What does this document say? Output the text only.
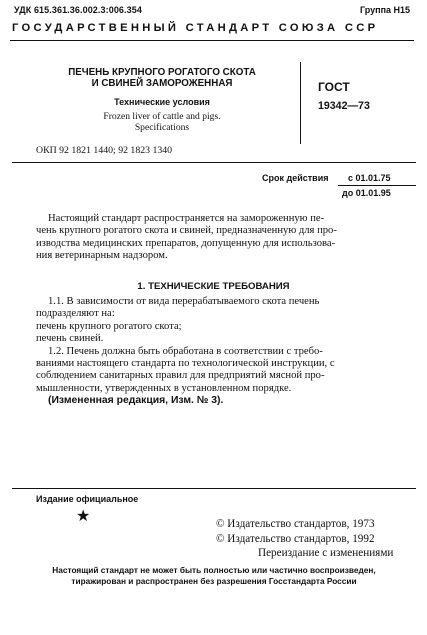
УДК 615.361.36.002.3:006.354	Группа Н15
ГОСУДАРСТВЕННЫЙ СТАНДАРТ СОЮЗА ССР
ПЕЧЕНЬ КРУПНОГО РОГАТОГО СКОТА
И СВИНЕЙ ЗАМОРОЖЕННАЯ
Технические условия
Frozen liver of cattle and pigs.
Specifications
ГОСТ
19342—73
ОКП 92 1821 1440; 92 1823 1340
Срок действия с 01.01.75
до 01.01.95
Настоящий стандарт распространяется на замороженную пе-
чень крупного рогатого скота и свиней, предназначенную для про-
изводства медицинских препаратов, допущенную для использова-
ния ветеринарным надзором.
1. ТЕХНИЧЕСКИЕ ТРЕБОВАНИЯ
1.1. В зависимости от вида перерабатываемого скота печень
подразделяют на:
печень крупного рогатого скота;
печень свиней.
1.2. Печень должна быть обработана в соответствии с требо-
ваниями настоящего стандарта по технологической инструкции, с
соблюдением санитарных правил для предприятий мясной про-
мышленности, утвержденных в установленном порядке.
(Измененная редакция, Изм. № 3).
Издание официальное
★	© Издательство стандартов, 1973
© Издательство стандартов, 1992
Переиздание с изменениями
Настоящий стандарт не может быть полностью или частично воспроизведен,
тиражирован и распространен без разрешения Госстандарта России
